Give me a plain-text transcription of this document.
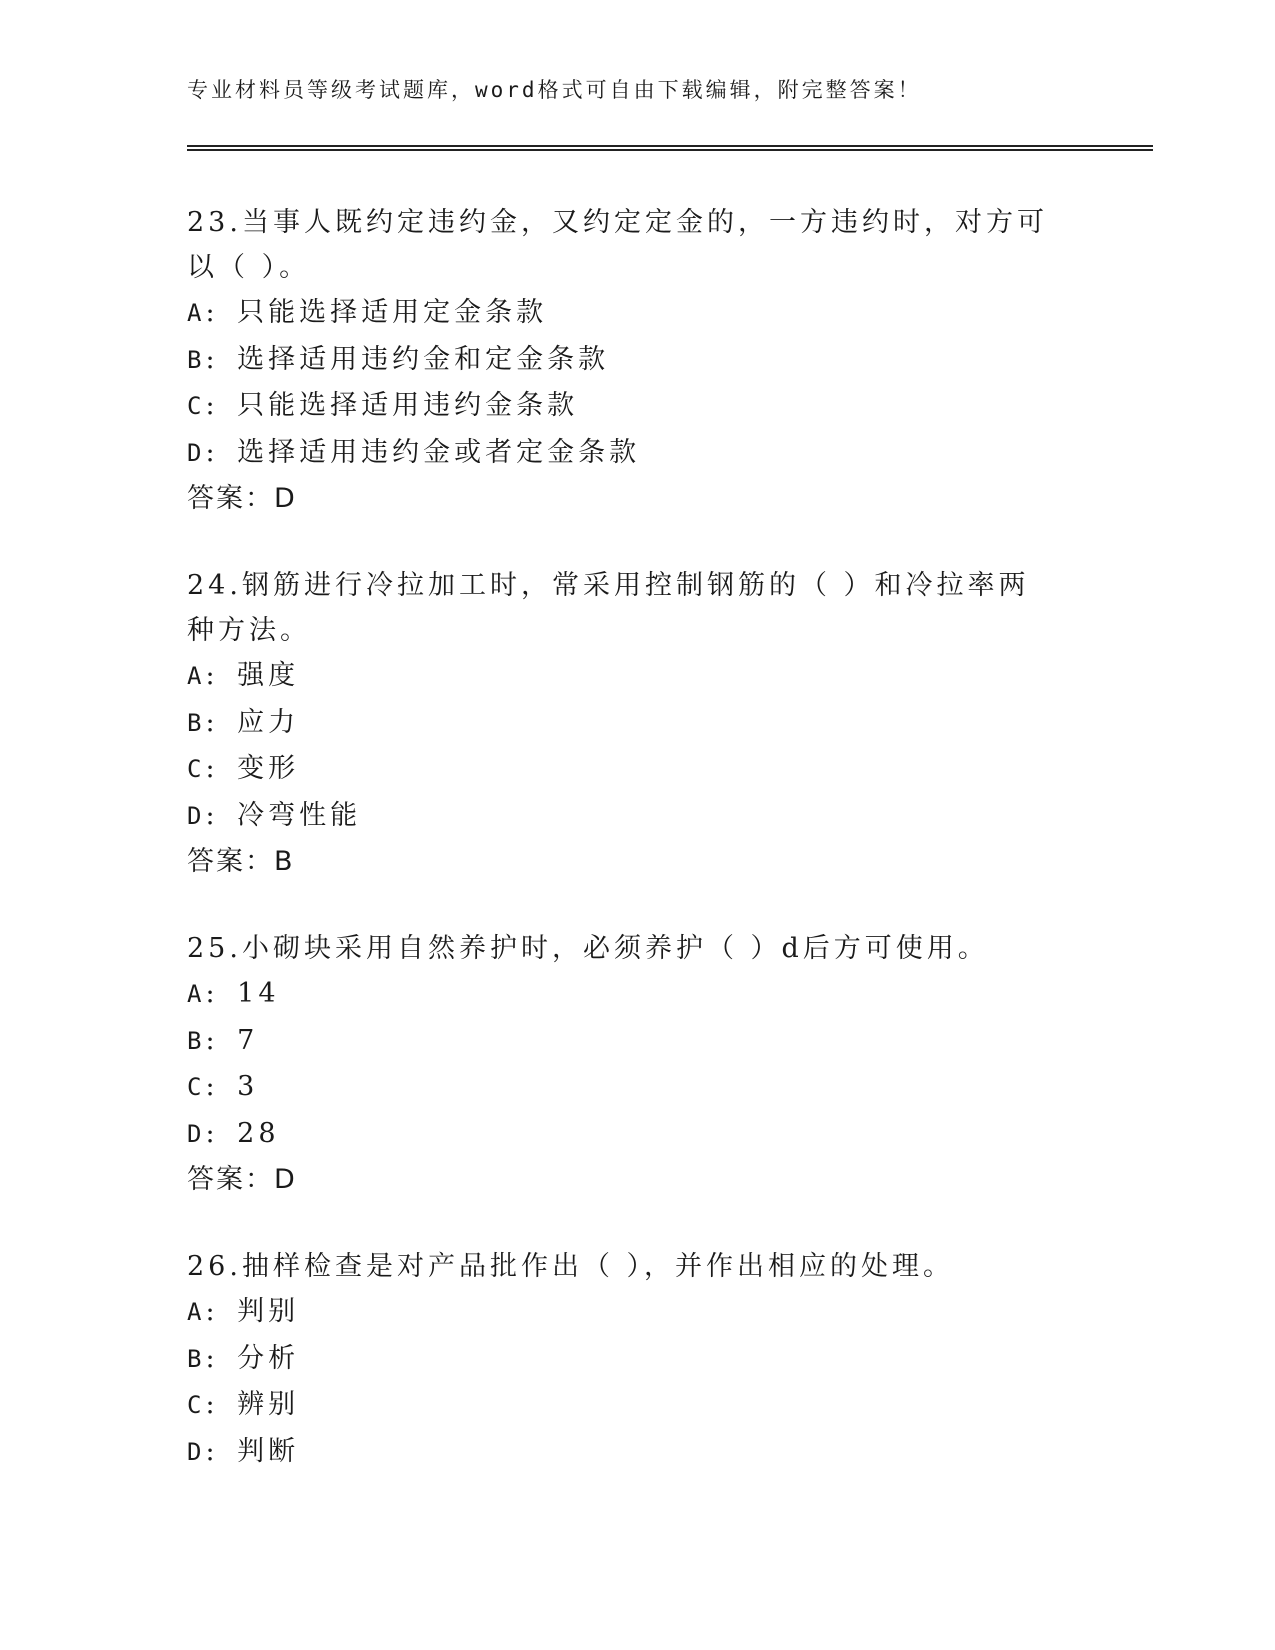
专业材料员等级考试题库，word格式可自由下载编辑，附完整答案！

23.当事人既约定违约金，又约定定金的，一方违约时，对方可以（ ）。

A: 只能选择适用定金条款
B: 选择适用违约金和定金条款
C: 只能选择适用违约金条款
D: 选择适用违约金或者定金条款
答案：D

24.钢筋进行冷拉加工时，常采用控制钢筋的（ ）和冷拉率两种方法。

A: 强度
B: 应力
C: 变形
D: 冷弯性能
答案：B

25.小砌块采用自然养护时，必须养护（ ）d后方可使用。

A: 14
B: 7
C: 3
D: 28
答案：D

26.抽样检查是对产品批作出（ ），并作出相应的处理。

A: 判别
B: 分析
C: 辨别
D: 判断
